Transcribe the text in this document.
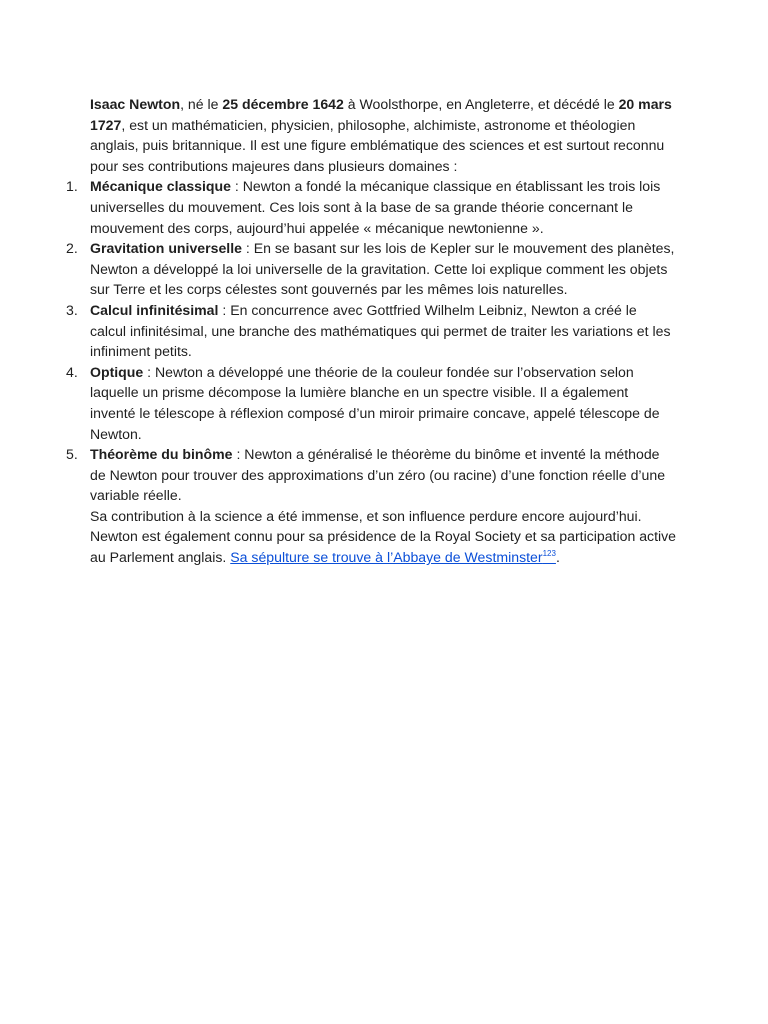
Isaac Newton, né le 25 décembre 1642 à Woolsthorpe, en Angleterre, et décédé le 20 mars 1727, est un mathématicien, physicien, philosophe, alchimiste, astronome et théologien anglais, puis britannique. Il est une figure emblématique des sciences et est surtout reconnu pour ses contributions majeures dans plusieurs domaines :

1. Mécanique classique : Newton a fondé la mécanique classique en établissant les trois lois universelles du mouvement. Ces lois sont à la base de sa grande théorie concernant le mouvement des corps, aujourd’hui appelée « mécanique newtonienne ».
2. Gravitation universelle : En se basant sur les lois de Kepler sur le mouvement des planètes, Newton a développé la loi universelle de la gravitation. Cette loi explique comment les objets sur Terre et les corps célestes sont gouvernés par les mêmes lois naturelles.
3. Calcul infinitésimal : En concurrence avec Gottfried Wilhelm Leibniz, Newton a créé le calcul infinitésimal, une branche des mathématiques qui permet de traiter les variations et les infiniment petits.
4. Optique : Newton a développé une théorie de la couleur fondée sur l’observation selon laquelle un prisme décompose la lumière blanche en un spectre visible. Il a également inventé le télescope à réflexion composé d’un miroir primaire concave, appelé télescope de Newton.
5. Théorème du binôme : Newton a généralisé le théorème du binôme et inventé la méthode de Newton pour trouver des approximations d’un zéro (ou racine) d’une fonction réelle d’une variable réelle.

Sa contribution à la science a été immense, et son influence perdure encore aujourd’hui. Newton est également connu pour sa présidence de la Royal Society et sa participation active au Parlement anglais. Sa sépulture se trouve à l’Abbaye de Westminster$^{123}$.
